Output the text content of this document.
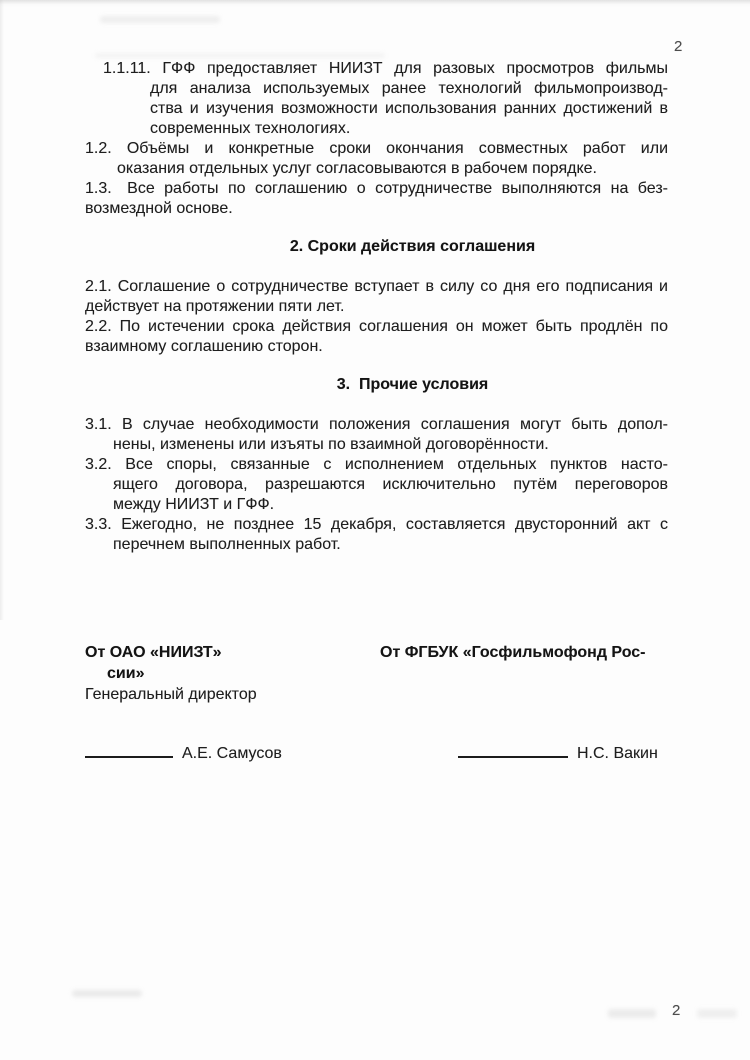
2
1.1.11. ГФФ предоставляет НИИЗТ для разовых просмотров фильмы
для анализа используемых ранее технологий фильмопроизвод-
ства и изучения возможности использования ранних достижений в
современных технологиях.
1.2. Объёмы и конкретные сроки окончания совместных работ или
оказания отдельных услуг согласовываются в рабочем порядке.
1.3. Все работы по соглашению о сотрудничестве выполняются на без-
возмездной основе.
2. Сроки действия соглашения
2.1. Соглашение о сотрудничестве вступает в силу со дня его подписания и
действует на протяжении пяти лет.
2.2. По истечении срока действия соглашения он может быть продлён по
взаимному соглашению сторон.
3.  Прочие условия
3.1. В случае необходимости положения соглашения могут быть допол-
нены, изменены или изъяты по взаимной договорённости.
3.2. Все споры, связанные с исполнением отдельных пунктов насто-
ящего договора, разрешаются исключительно путём переговоров
между НИИЗТ и ГФФ.
3.3. Ежегодно, не позднее 15 декабря, составляется двусторонний акт с
перечнем выполненных работ.
От ФГБУК «Госфильмофонд Рос-
От ОАО «НИИЗТ»
сии»
Генеральный директор
А.Е. Самусов	Н.С. Вакин
2
